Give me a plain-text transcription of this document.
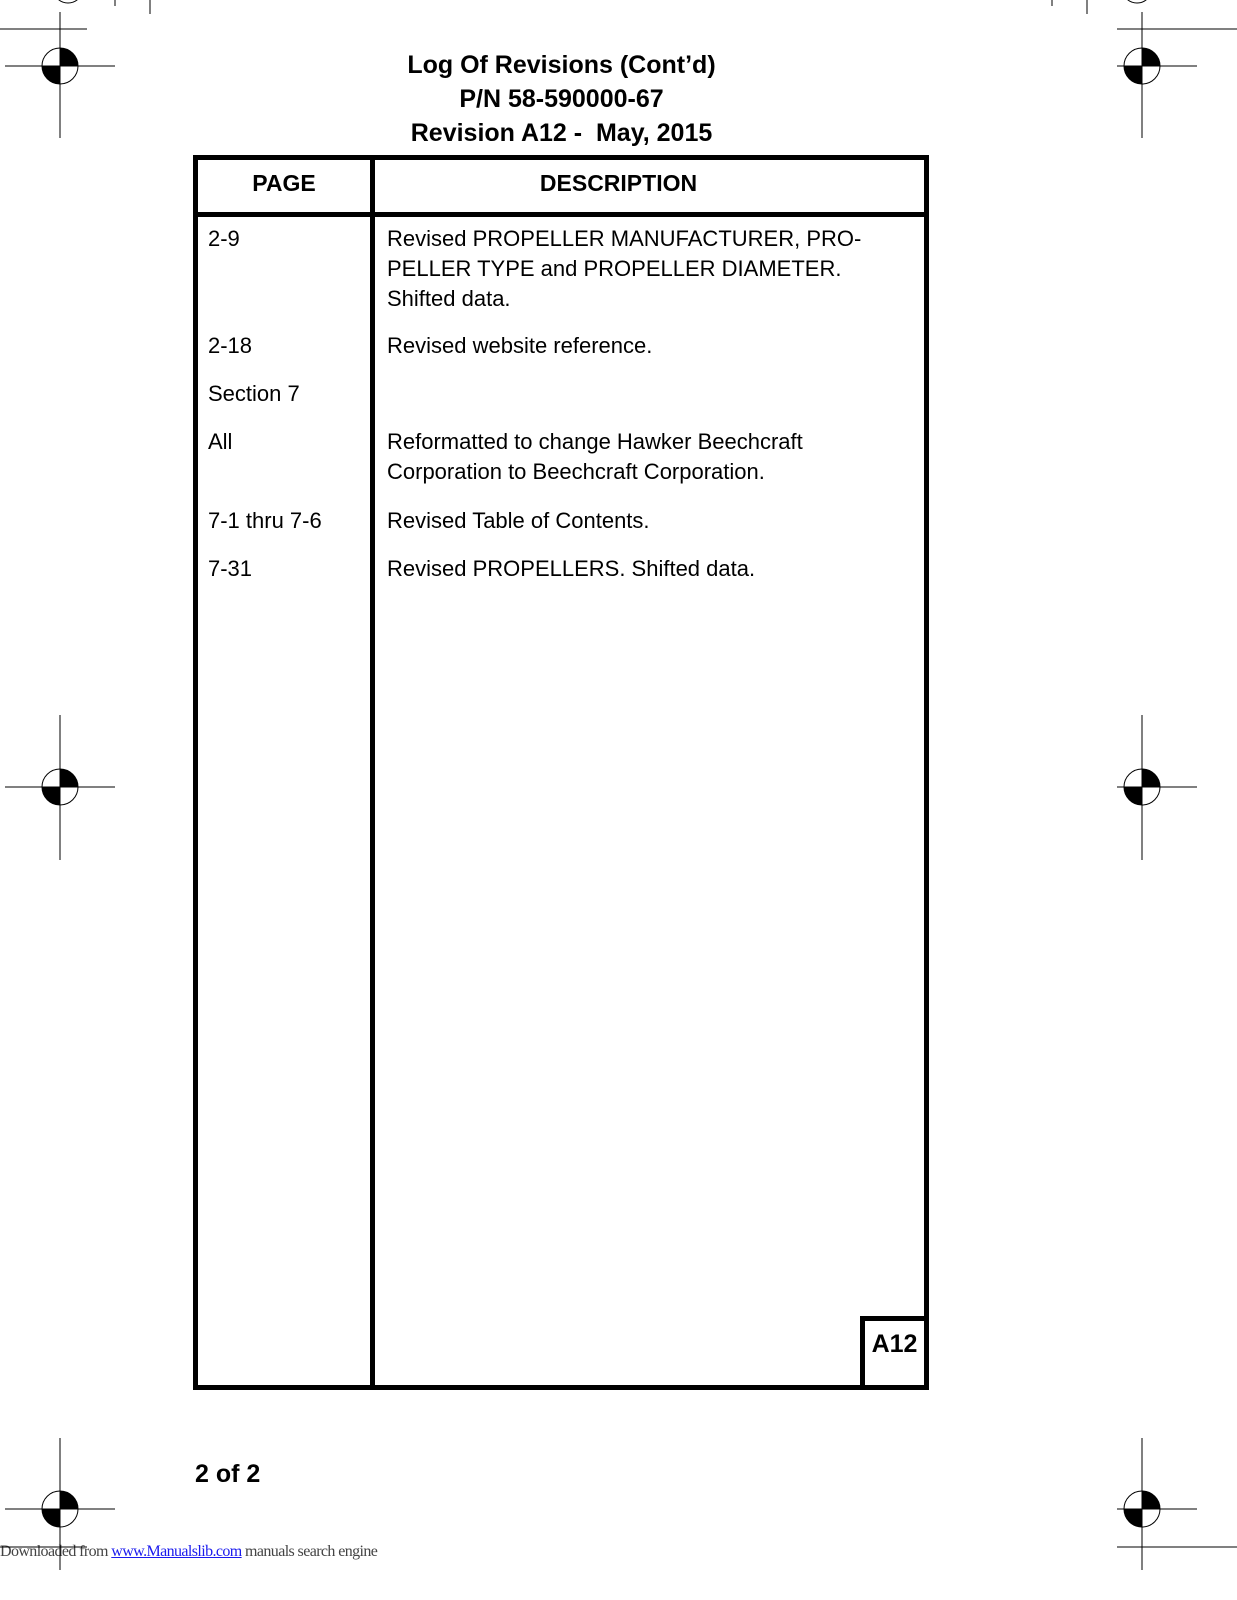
Log Of Revisions (Cont’d)
P/N 58-590000-67
Revision A12 -  May, 2015
PAGE	DESCRIPTION
2-9	Revised PROPELLER MANUFACTURER, PRO-
PELLER TYPE and PROPELLER DIAMETER.
Shifted data.
2-18	Revised website reference.
Section 7
All	Reformatted to change Hawker Beechcraft
Corporation to Beechcraft Corporation.
7-1 thru 7-6	Revised Table of Contents.
7-31	Revised PROPELLERS. Shifted data.
A12
2 of 2
Downloaded from www.Manualslib.com manuals search engine
